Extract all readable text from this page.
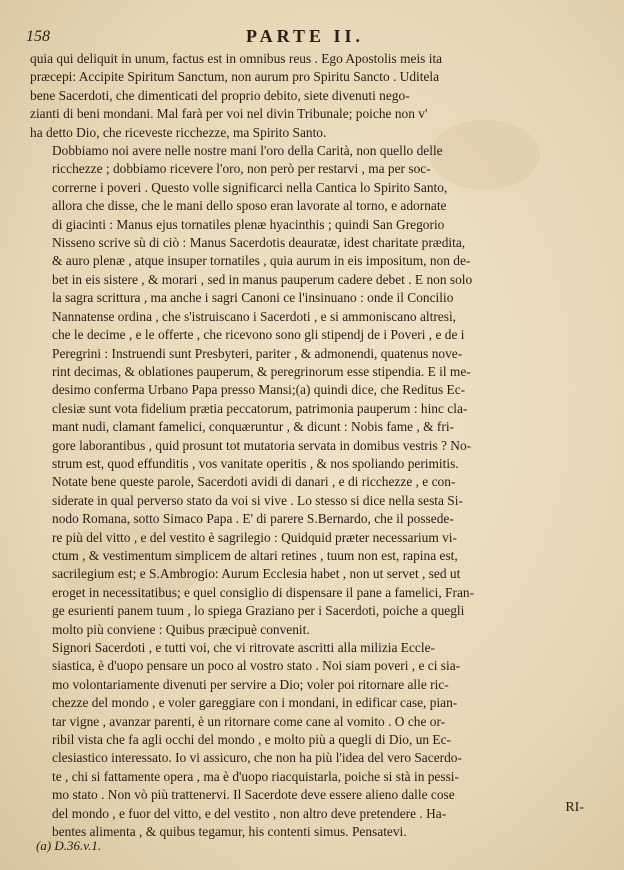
158	PARTE II.
quia qui deliquit in unum, factus est in omnibus reus . Ego Apostolis meis ita
præcepi: Accipite Spiritum Sanctum, non aurum pro Spiritu Sancto . Uditela
bene Sacerdoti, che dimenticati del proprio debito, siete divenuti nego-
zianti di beni mondani. Mal farà per voi nel divin Tribunale; poiche non v'
ha detto Dio, che riceveste ricchezze, ma Spirito Santo.
Dobbiamo noi avere nelle nostre mani l'oro della Carità, non quello delle
ricchezze ; dobbiamo ricevere l'oro, non però per restarvi , ma per soc-
correrne i poveri . Questo volle significarci nella Cantica lo Spirito Santo,
allora che disse, che le mani dello sposo eran lavorate al torno, e adornate
di giacinti : Manus ejus tornatiles plenæ hyacinthis ; quindi San Gregorio
Nisseno scrive sù di ciò : Manus Sacerdotis deauratæ, idest charitate prædita,
& auro plenæ , atque insuper tornatiles , quia aurum in eis impositum, non de-
bet in eis sistere , & morari , sed in manus pauperum cadere debet . E non solo
la sagra scrittura , ma anche i sagri Canoni ce l'insinuano : onde il Concilio
Nannatense ordina , che s'istruiscano i Sacerdoti , e si ammoniscano altresì,
che le decime , e le offerte , che ricevono sono gli stipendj de i Poveri , e de i
Peregrini : Instruendi sunt Presbyteri, pariter , & admonendi, quatenus nove-
rint decimas, & oblationes pauperum, & peregrinorum esse stipendia. E il me-
desimo conferma Urbano Papa presso Mansi;(a) quindi dice, che Reditus Ec-
clesiæ sunt vota fidelium prætia peccatorum, patrimonia pauperum : hinc cla-
mant nudi, clamant famelici, conquæruntur , & dicunt : Nobis fame , & fri-
gore laborantibus , quid prosunt tot mutatoria servata in domibus vestris ? No-
strum est, quod effunditis , vos vanitate operitis , & nos spoliando perimitis.
Notate bene queste parole, Sacerdoti avidi di danari , e di ricchezze , e con-
siderate in qual perverso stato da voi si vive . Lo stesso si dice nella sesta Si-
nodo Romana, sotto Simaco Papa . E' di parere S.Bernardo, che il possede-
re più del vitto , e del vestito è sagrilegio : Quidquid præter necessarium vi-
ctum , & vestimentum simplicem de altari retines , tuum non est, rapina est,
sacrilegium est; e S.Ambrogio: Aurum Ecclesia habet , non ut servet , sed ut
eroget in necessitatibus; e quel consiglio di dispensare il pane a famelici, Fran-
ge esurienti panem tuum , lo spiega Graziano per i Sacerdoti, poiche a quegli
molto più conviene : Quibus præcipuè convenit.
Signori Sacerdoti , e tutti voi, che vi ritrovate ascritti alla milizia Eccle-
siastica, è d'uopo pensare un poco al vostro stato . Noi siam poveri , e ci sia-
mo volontariamente divenuti per servire a Dio; voler poi ritornare alle ric-
chezze del mondo , e voler gareggiare con i mondani, in edificar case, pian-
tar vigne , avanzar parenti, è un ritornare come cane al vomito . O che or-
ribil vista che fa agli occhi del mondo , e molto più a quegli di Dio, un Ec-
clesiastico interessato. Io vi assicuro, che non ha più l'idea del vero Sacerdo-
te , chi si fattamente opera , ma è d'uopo riacquistarla, poiche si stà in pessi-
mo stato . Non vò più trattenervi. Il Sacerdote deve essere alieno dalle cose
del mondo , e fuor del vitto, e del vestito , non altro deve pretendere . Ha-
bentes alimenta , & quibus tegamur, his contenti simus. Pensatevi.
RI-
(a) D.36.v.1.
